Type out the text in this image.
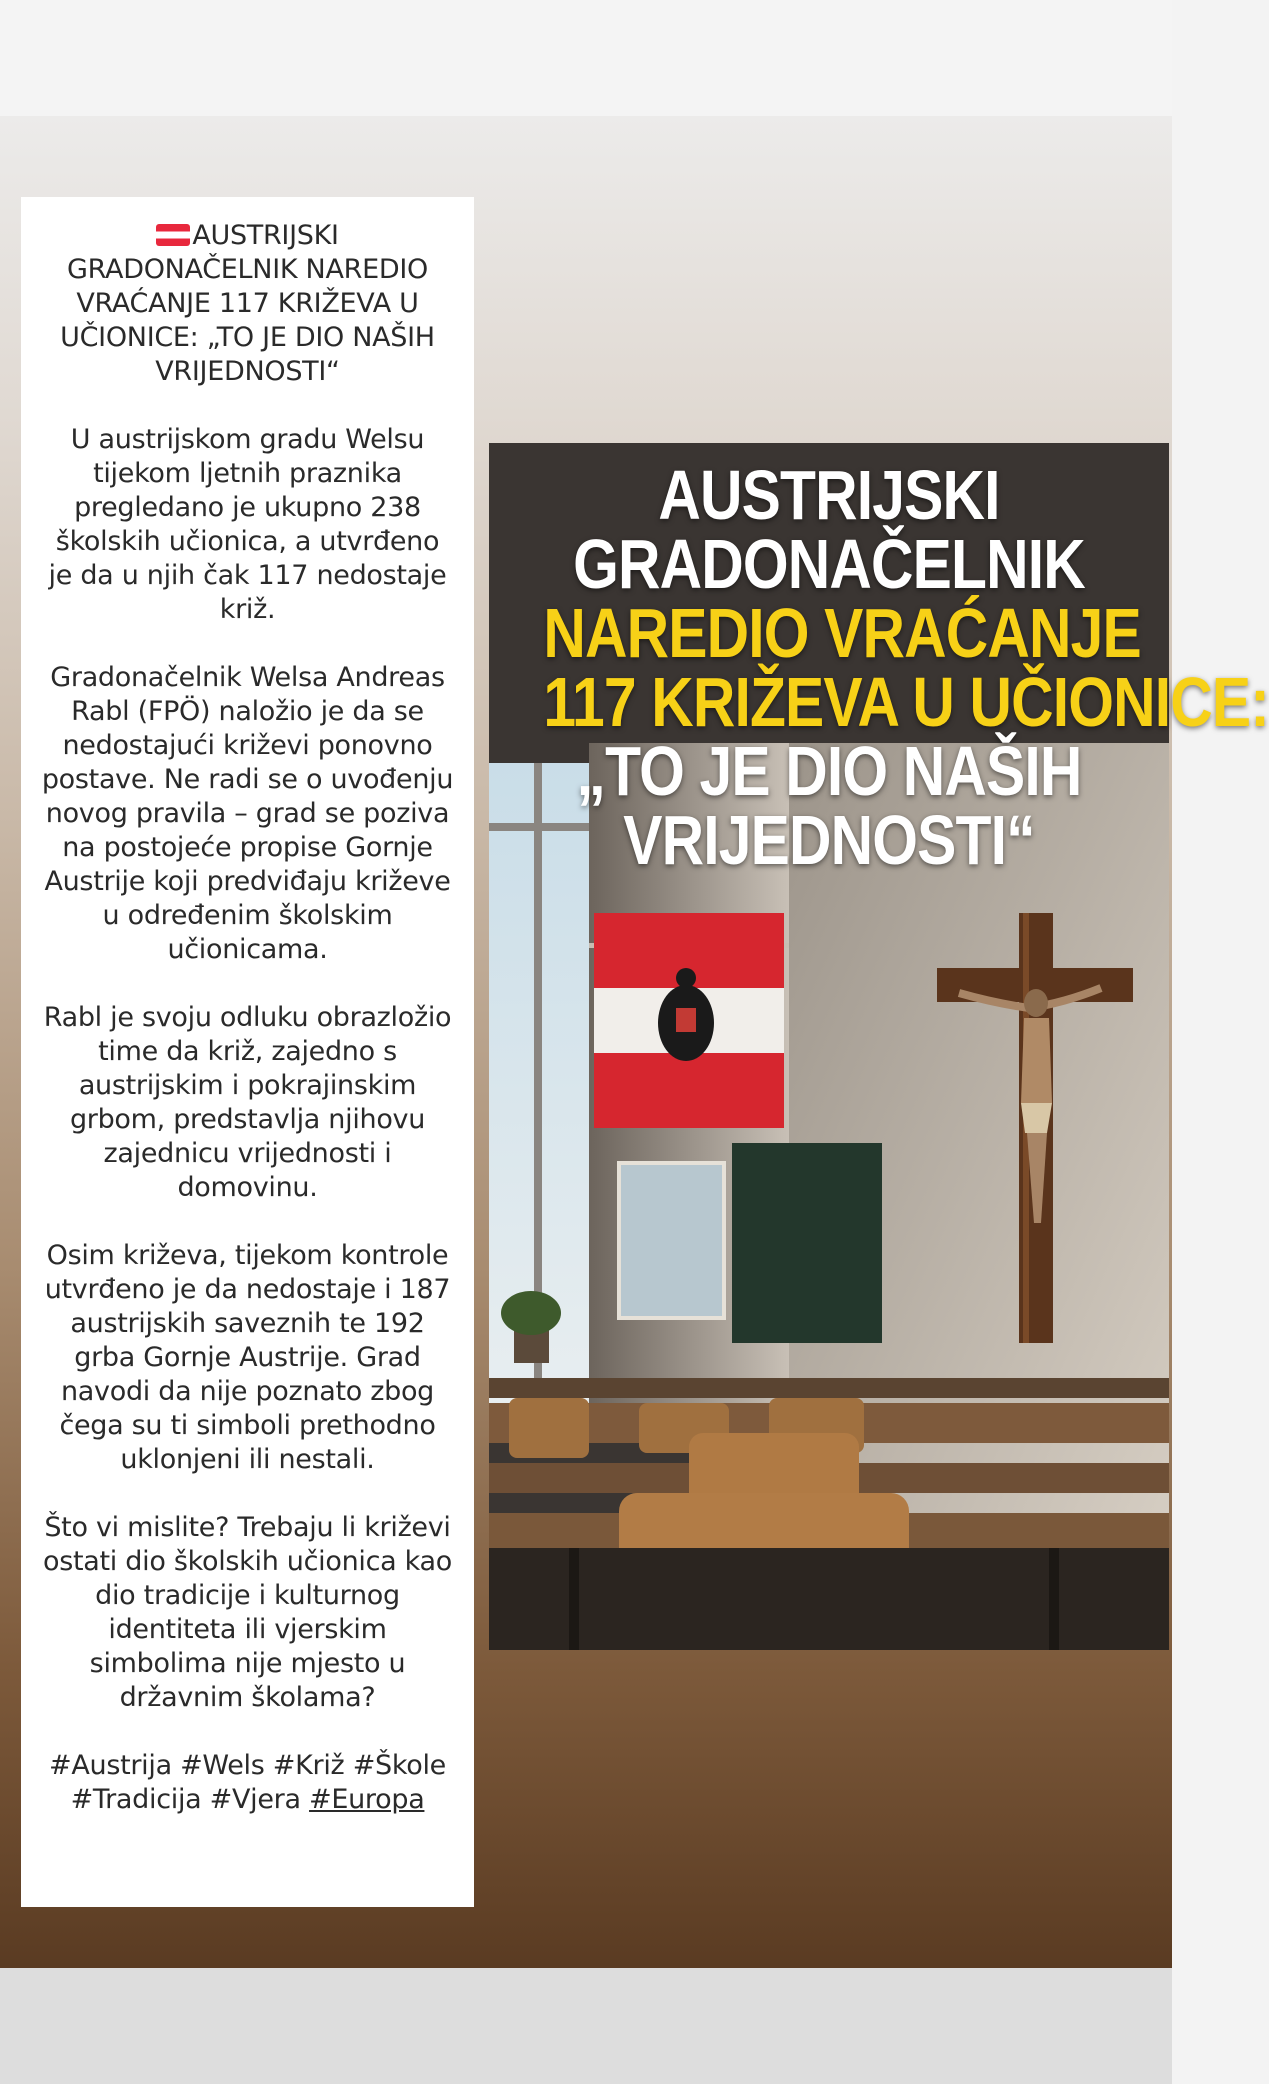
AUSTRIJSKI GRADONAČELNIK NAREDIO VRAĆANJE 117 KRIŽEVA U UČIONICE: „TO JE DIO NAŠIH VRIJEDNOSTI“

U austrijskom gradu Welsu tijekom ljetnih praznika pregledano je ukupno 238 školskih učionica, a utvrđeno je da u njih čak 117 nedostaje križ.

Gradonačelnik Welsa Andreas Rabl (FPÖ) naložio je da se nedostajući križevi ponovno postave. Ne radi se o uvođenju novog pravila – grad se poziva na postojeće propise Gornje Austrije koji predviđaju križeve u određenim školskim učionicama.

Rabl je svoju odluku obrazložio time da križ, zajedno s austrijskim i pokrajinskim grbom, predstavlja njihovu zajednicu vrijednosti i domovinu.

Osim križeva, tijekom kontrole utvrđeno je da nedostaje i 187 austrijskih saveznih te 192 grba Gornje Austrije. Grad navodi da nije poznato zbog čega su ti simboli prethodno uklonjeni ili nestali.

Što vi mislite? Trebaju li križevi ostati dio školskih učionica kao dio tradicije i kulturnog identiteta ili vjerskim simbolima nije mjesto u državnim školama?

#Austrija #Wels #Križ #Škole #Tradicija #Vjera #Europa

AUSTRIJSKI
GRADONAČELNIK
NAREDIO VRAĆANJE
117 KRIŽEVA U UČIONICE:
„TO JE DIO NAŠIH
VRIJEDNOSTI“
